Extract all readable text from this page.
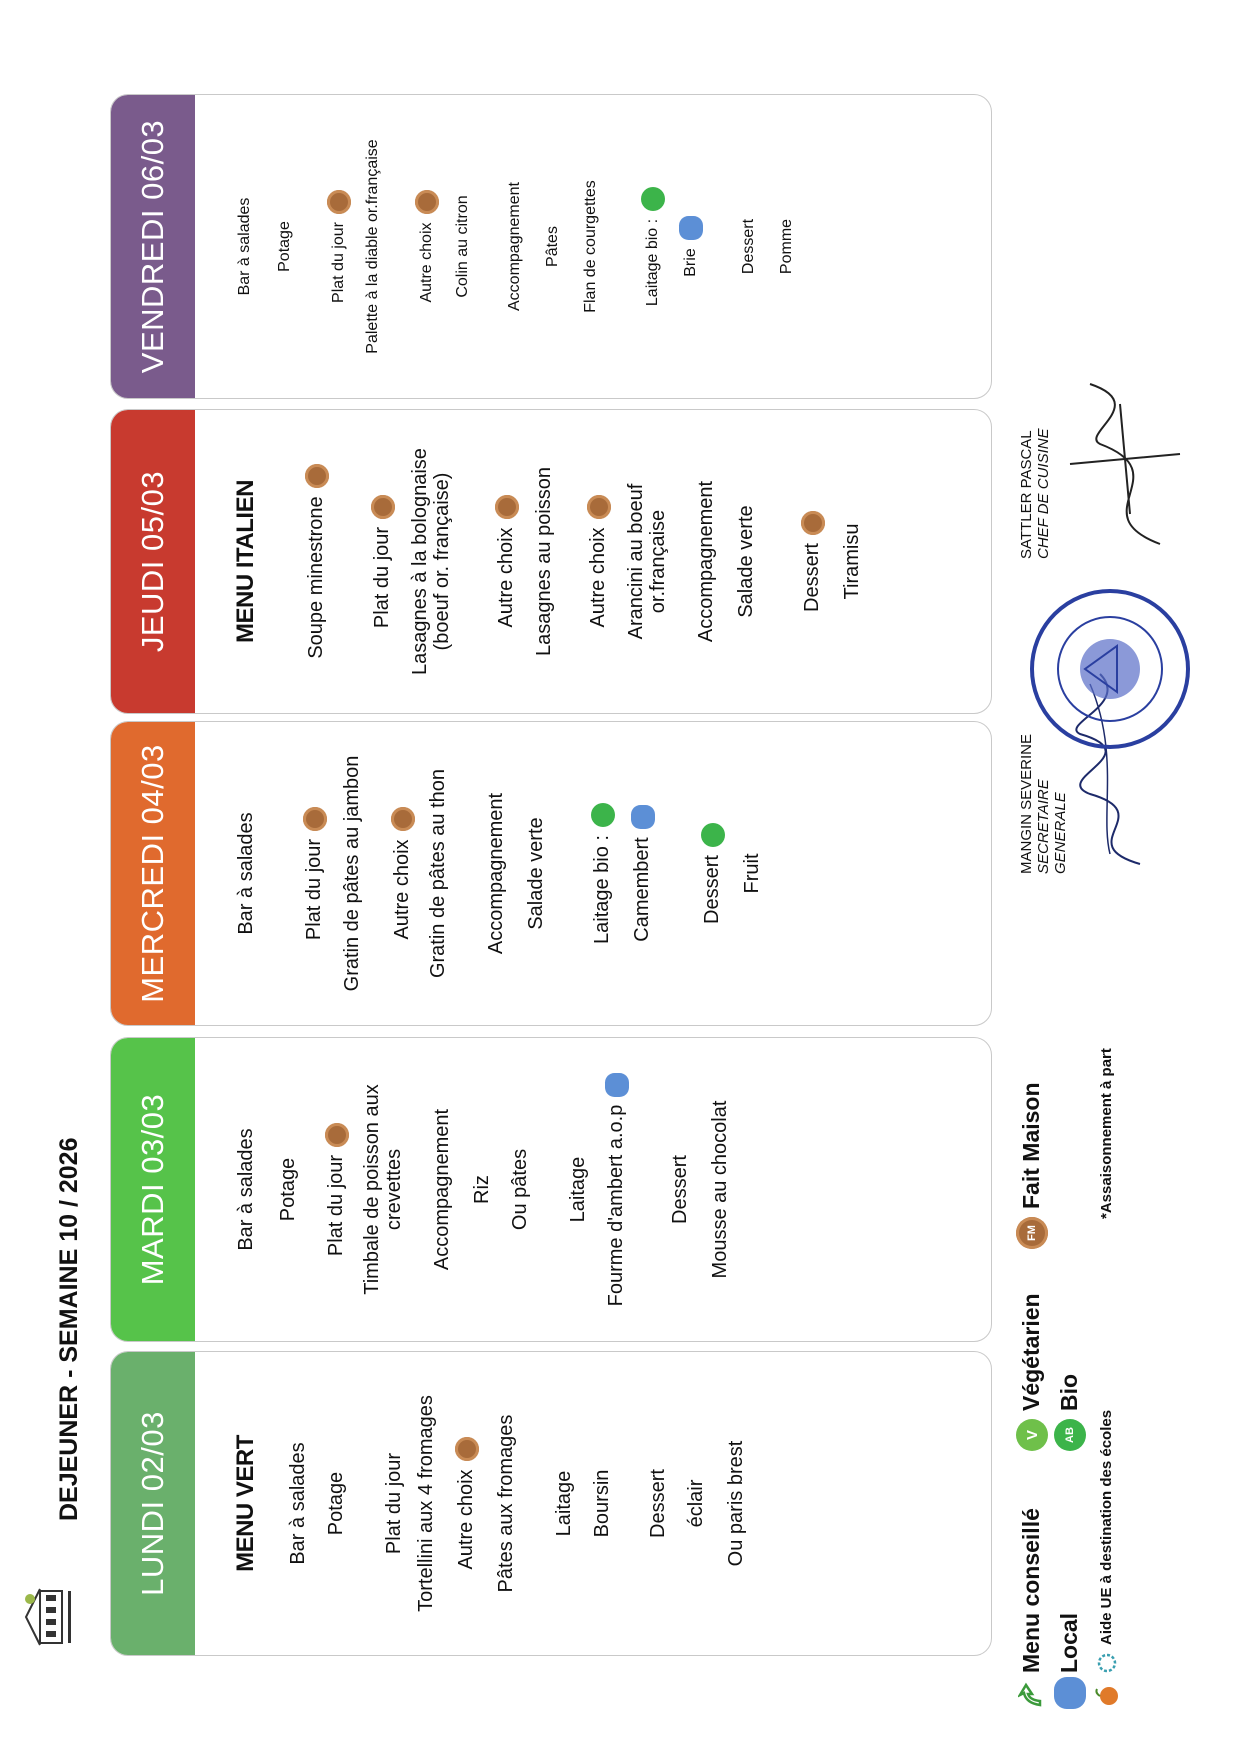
DEJEUNER - SEMAINE 10 / 2026	LUNDI 02/03	MENU VERT Bar à salades Potage Plat du jour Tortellini aux 4 fromages Autre choix Pâtes aux fromages Laitage Boursin Dessert éclair Ou paris brest
MARDI 03/03	Bar à salades Potage Plat du jour Timbale de poisson aux crevettes Accompagnement Riz Ou pâtes Laitage Fourme d'ambert a.o.p Dessert Mousse au chocolat
MERCREDI 04/03	Bar à salades Plat du jour Gratin de pâtes au jambon Autre choix Gratin de pâtes au thon Accompagnement Salade verte Laitage bio : Camembert Dessert Fruit
JEUDI 05/03	MENU ITALIEN Soupe minestrone Plat du jour Lasagnes à la bolognaise (boeuf or. française) Autre choix Lasagnes au poisson Autre choix Arancini au boeuf or.française Accompagnement Salade verte Dessert Tiramisu
VENDREDI 06/03	Bar à salades Potage Plat du jour Palette à la diable or.française Autre choix Colin au citron Accompagnement Pâtes Flan de courgettes	Laitage bio : Brie	Dessert Pomme
Menu conseillé
V
Végétarien
FM
Fait Maison
Local
AB
Bio
Aide UE à destination des écoles
*Assaisonnement à part
MANGIN SEVERINE SECRETAIRE GENERALE
SATTLER PASCAL CHEF DE CUISINE
